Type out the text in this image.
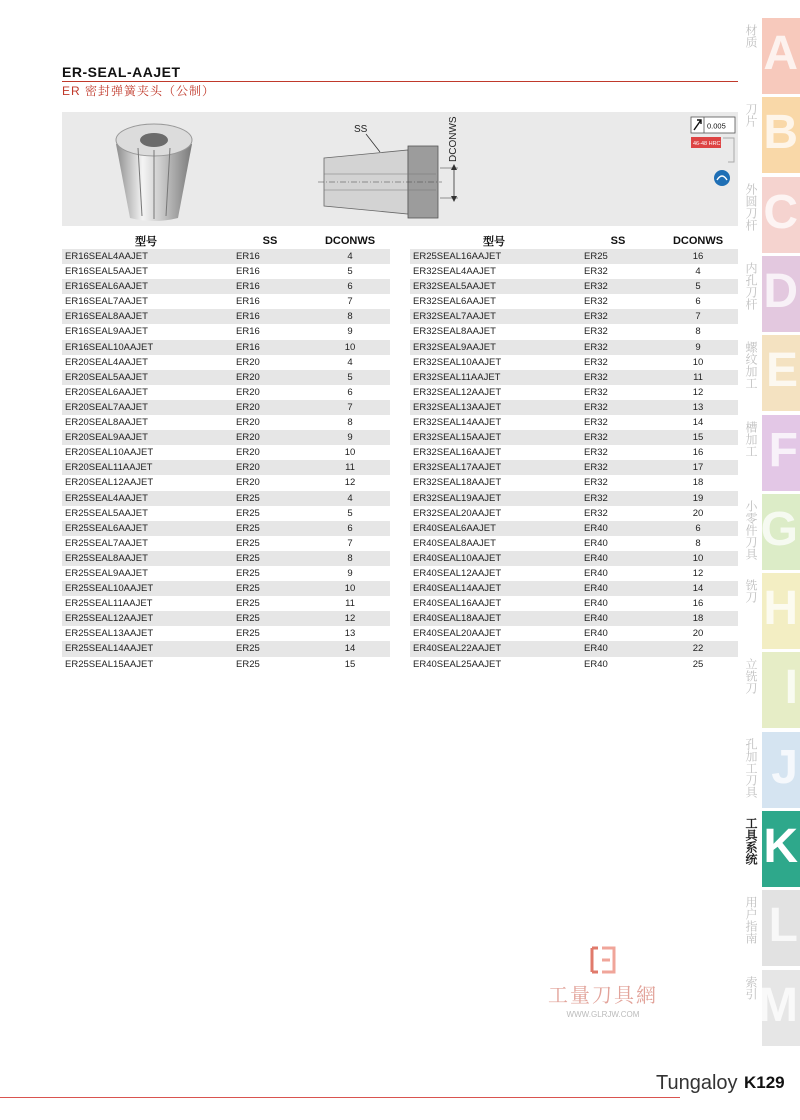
ER-SEAL-AAJET
ER 密封弹簧夹头（公制）
SS	DCONWS	0.005
46-48 HRC
型号	SS	DCONWS
ER16SEAL4AAJET	ER16	4
ER16SEAL5AAJET	ER16	5
ER16SEAL6AAJET	ER16	6
ER16SEAL7AAJET	ER16	7
ER16SEAL8AAJET	ER16	8
ER16SEAL9AAJET	ER16	9
ER16SEAL10AAJET	ER16	10
ER20SEAL4AAJET	ER20	4
ER20SEAL5AAJET	ER20	5
ER20SEAL6AAJET	ER20	6
ER20SEAL7AAJET	ER20	7
ER20SEAL8AAJET	ER20	8
ER20SEAL9AAJET	ER20	9
ER20SEAL10AAJET	ER20	10
ER20SEAL11AAJET	ER20	11
ER20SEAL12AAJET	ER20	12
ER25SEAL4AAJET	ER25	4
ER25SEAL5AAJET	ER25	5
ER25SEAL6AAJET	ER25	6
ER25SEAL7AAJET	ER25	7
ER25SEAL8AAJET	ER25	8
ER25SEAL9AAJET	ER25	9
ER25SEAL10AAJET	ER25	10
ER25SEAL11AAJET	ER25	11
ER25SEAL12AAJET	ER25	12
ER25SEAL13AAJET	ER25	13
ER25SEAL14AAJET	ER25	14
ER25SEAL15AAJET	ER25	15
型号	SS	DCONWS
ER25SEAL16AAJET	ER25	16
ER32SEAL4AAJET	ER32	4
ER32SEAL5AAJET	ER32	5
ER32SEAL6AAJET	ER32	6
ER32SEAL7AAJET	ER32	7
ER32SEAL8AAJET	ER32	8
ER32SEAL9AAJET	ER32	9
ER32SEAL10AAJET	ER32	10
ER32SEAL11AAJET	ER32	11
ER32SEAL12AAJET	ER32	12
ER32SEAL13AAJET	ER32	13
ER32SEAL14AAJET	ER32	14
ER32SEAL15AAJET	ER32	15
ER32SEAL16AAJET	ER32	16
ER32SEAL17AAJET	ER32	17
ER32SEAL18AAJET	ER32	18
ER32SEAL19AAJET	ER32	19
ER32SEAL20AAJET	ER32	20
ER40SEAL6AAJET	ER40	6
ER40SEAL8AAJET	ER40	8
ER40SEAL10AAJET	ER40	10
ER40SEAL12AAJET	ER40	12
ER40SEAL14AAJET	ER40	14
ER40SEAL16AAJET	ER40	16
ER40SEAL18AAJET	ER40	18
ER40SEAL20AAJET	ER40	20
ER40SEAL22AAJET	ER40	22
ER40SEAL25AAJET	ER40	25
A
材质
B
刀片
C
外圆刀杆
D
内孔刀杆
E
螺纹加工
F
槽加工
G
小零件刀具
H
铣刀
I
立铣刀
J
孔加工刀具
K
工具系统
L
用户指南
M
索引
工量刀具網
WWW.GLRJW.COM
Tungaloy K129
